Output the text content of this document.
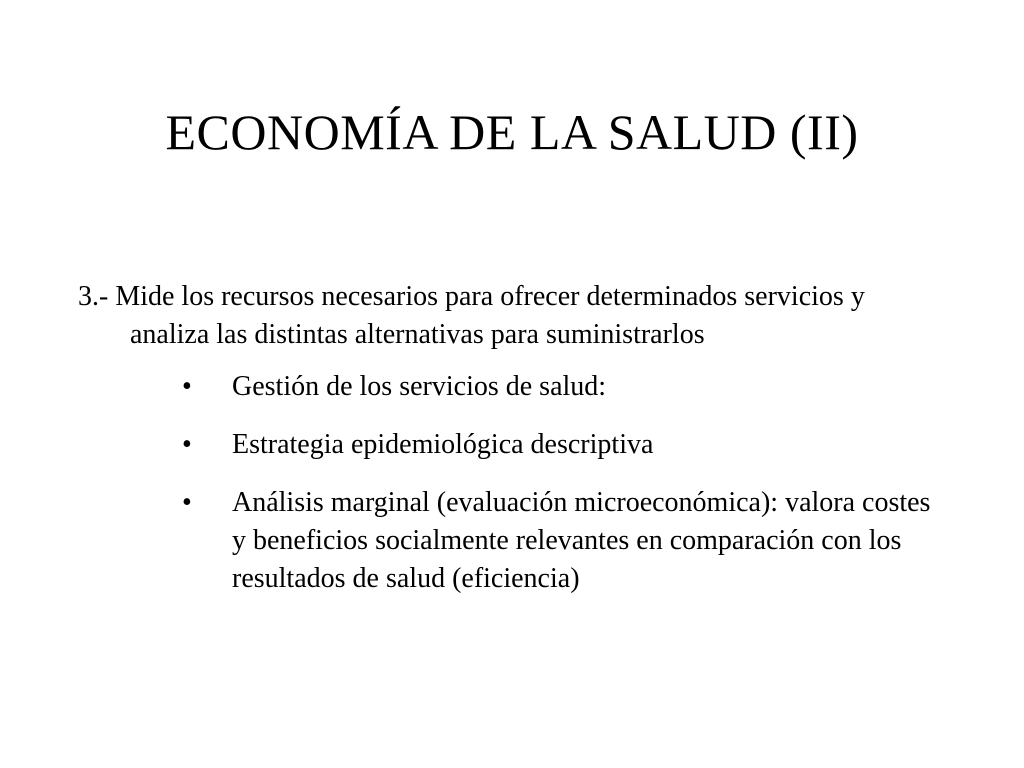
ECONOMÍA DE LA SALUD (II)

3.- Mide los recursos necesarios para ofrecer determinados servicios y analiza las distintas alternativas para suministrarlos

• Gestión de los servicios de salud:
• Estrategia epidemiológica descriptiva
• Análisis marginal (evaluación microeconómica): valora costes y beneficios socialmente relevantes en comparación con los resultados de salud (eficiencia)
